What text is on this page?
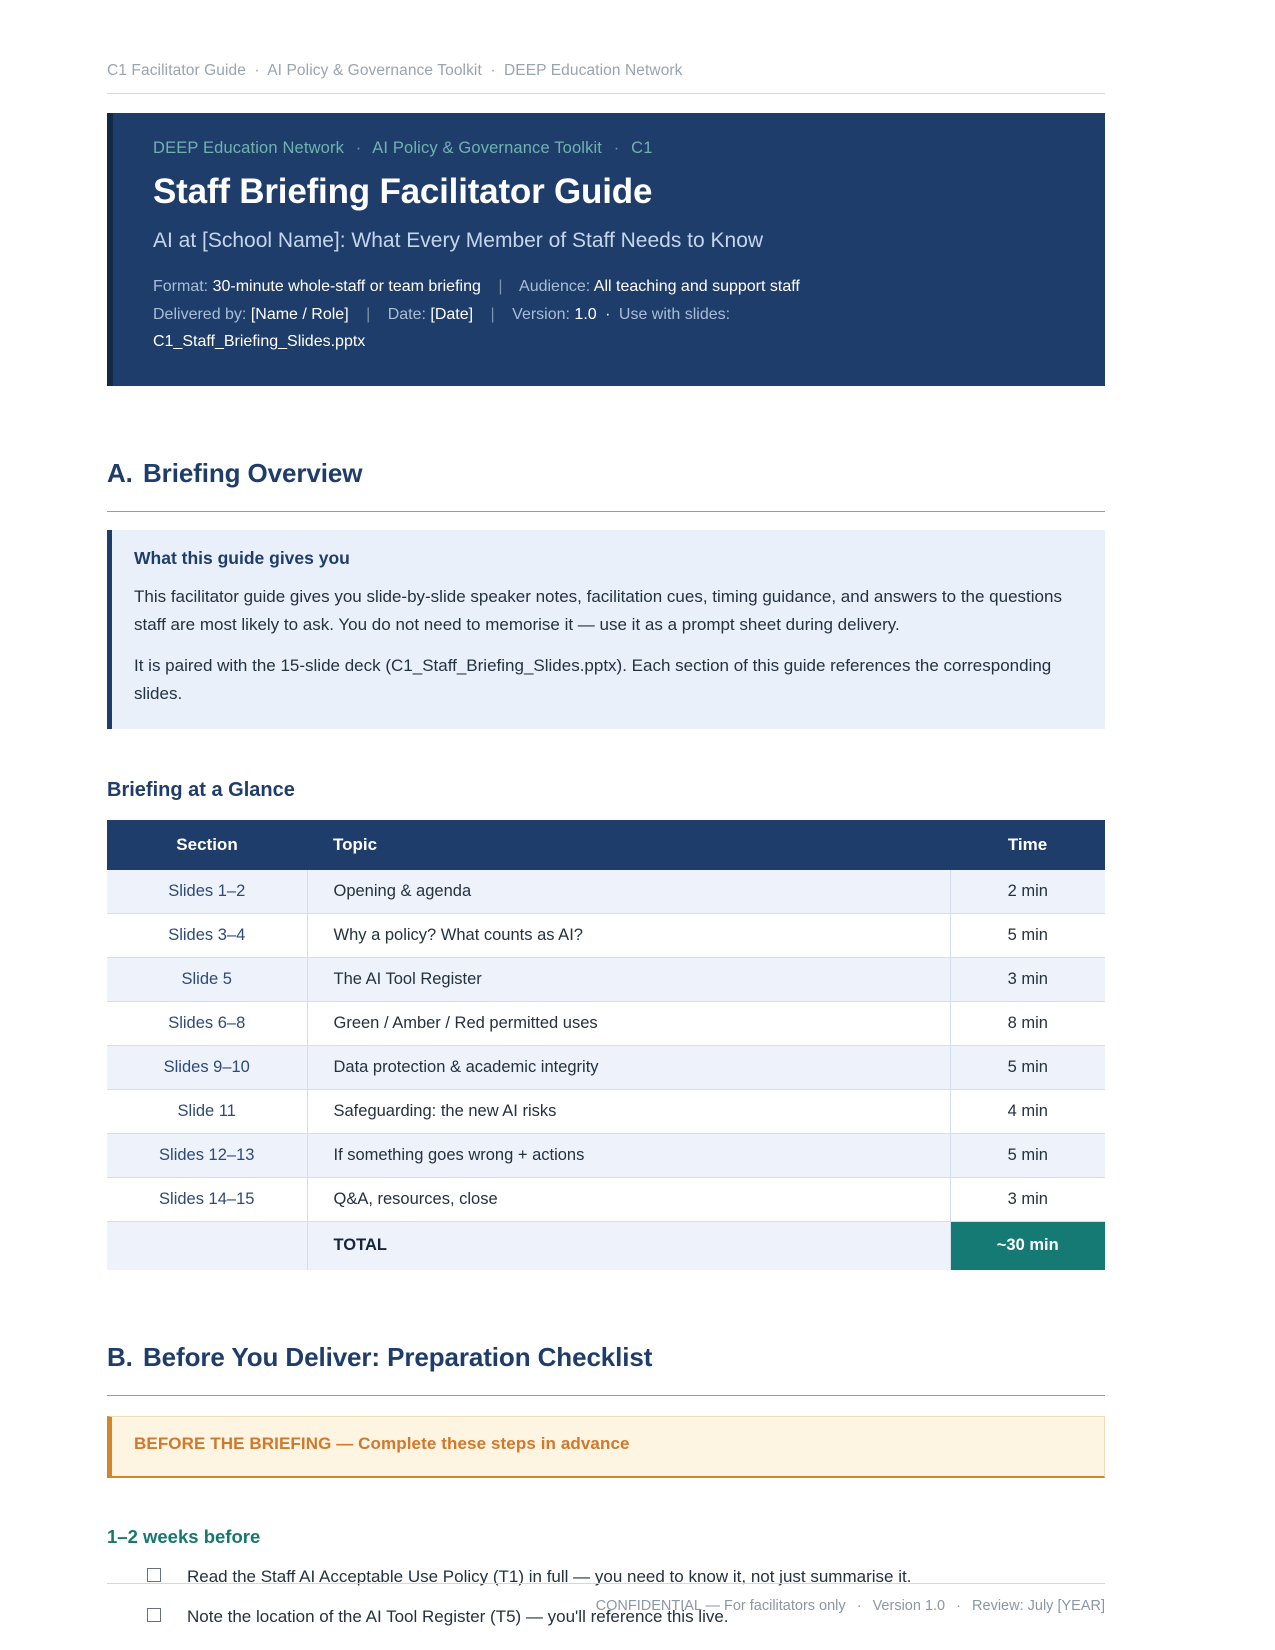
C1 Facilitator Guide · AI Policy & Governance Toolkit · DEEP Education Network
DEEP Education Network · AI Policy & Governance Toolkit · C1
Staff Briefing Facilitator Guide
AI at [School Name]: What Every Member of Staff Needs to Know
Format: 30-minute whole-staff or team briefing | Audience: All teaching and support staff
Delivered by: [Name / Role] | Date: [Date] | Version: 1.0 · Use with slides:
C1_Staff_Briefing_Slides.pptx
A. Briefing Overview
What this guide gives you

This facilitator guide gives you slide-by-slide speaker notes, facilitation cues, timing guidance, and answers to the questions staff are most likely to ask. You do not need to memorise it — use it as a prompt sheet during delivery.

It is paired with the 15-slide deck (C1_Staff_Briefing_Slides.pptx). Each section of this guide references the corresponding slides.

Briefing at a Glance
Section	Topic	Time
Slides 1–2	Opening & agenda	2 min
Slides 3–4	Why a policy? What counts as AI?	5 min
Slide 5	The AI Tool Register	3 min
Slides 6–8	Green / Amber / Red permitted uses	8 min
Slides 9–10	Data protection & academic integrity	5 min
Slide 11	Safeguarding: the new AI risks	4 min
Slides 12–13	If something goes wrong + actions	5 min
Slides 14–15	Q&A, resources, close	3 min
	TOTAL	~30 min
B. Before You Deliver: Preparation Checklist
BEFORE THE BRIEFING — Complete these steps in advance
1–2 weeks before
Read the Staff AI Acceptable Use Policy (T1) in full — you need to know it, not just summarise it.
Note the location of the AI Tool Register (T5) — you'll reference this live.
CONFIDENTIAL — For facilitators only · Version 1.0 · Review: July [YEAR]
